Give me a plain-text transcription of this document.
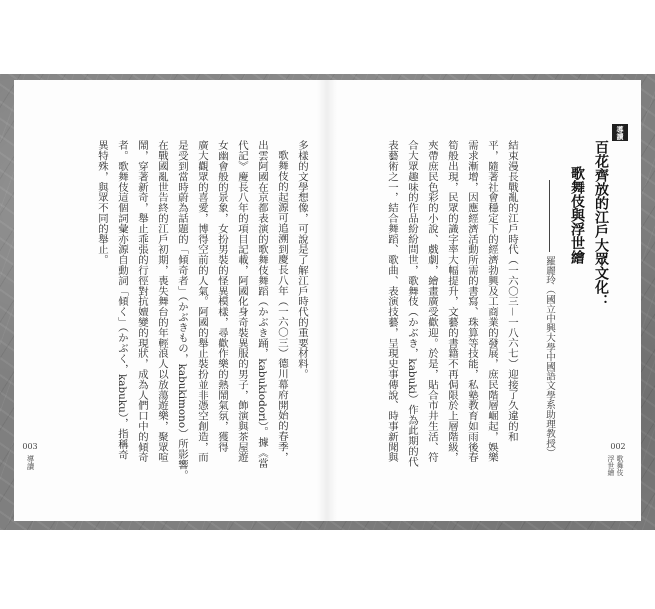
導讀
百花齊放的江戶大眾文化：
歌舞伎與浮世繪
羅麗玲（國立中興大學中國語文學系助理教授）

結束漫長戰亂的江戶時代（一六〇三－一八六七）迎接了久違的和

平，隨著社會穩定下的經濟勃興及工商業的發展，庶民階層崛起，娛樂

需求漸增，因應經濟活動所需的書寫、珠算等技能，私塾教育如雨後春

筍般出現，民眾的識字率大幅提升，文藝的書籍不再侷限於上層階級，

夾帶庶民色彩的小說、戲劇，繪畫廣受歡迎。於是，貼合市井生活、符

合大眾趣味的作品紛紛問世，歌舞伎（かぶき，kabuki）作為此期的代

表藝術之一，結合舞蹈、歌曲、表演技藝，呈現史事傳說、時事新聞與	002
歌舞伎
浮世繪

多樣的文學想像，可說是了解江戶時代的重要材料。

歌舞伎的起源可追溯到慶長八年（一六〇三）德川幕府開始的春季，

出雲阿國在京都表演的歌舞伎舞蹈（かぶき踊，kabukiodori）。據《當

代記》慶長八年的項目記載，阿國化身奇裝異服的男子，飾演與茶屋遊

女幽會般的景象，女扮男裝的怪異模樣，尋歡作樂的熱鬧氣氛，獲得

廣大觀眾的喜愛，博得空前的人氣。阿國的舉止裝扮並非憑空創造，而

是受到當時蔚為話題的「傾奇者」（かぶきもの，kabukimono）所影響。

在戰國亂世告終的江戶初期，喪失舞台的年輕浪人以放蕩遊樂，聚眾喧

鬧，穿著新奇，舉止乖張的行徑對抗嬗變的現狀，成為人們口中的傾奇

者。歌舞伎這個詞彙亦源自動詞「傾く」（かぶく，kabuku），指稱奇

異特殊，與眾不同的舉止。

003
導讀
